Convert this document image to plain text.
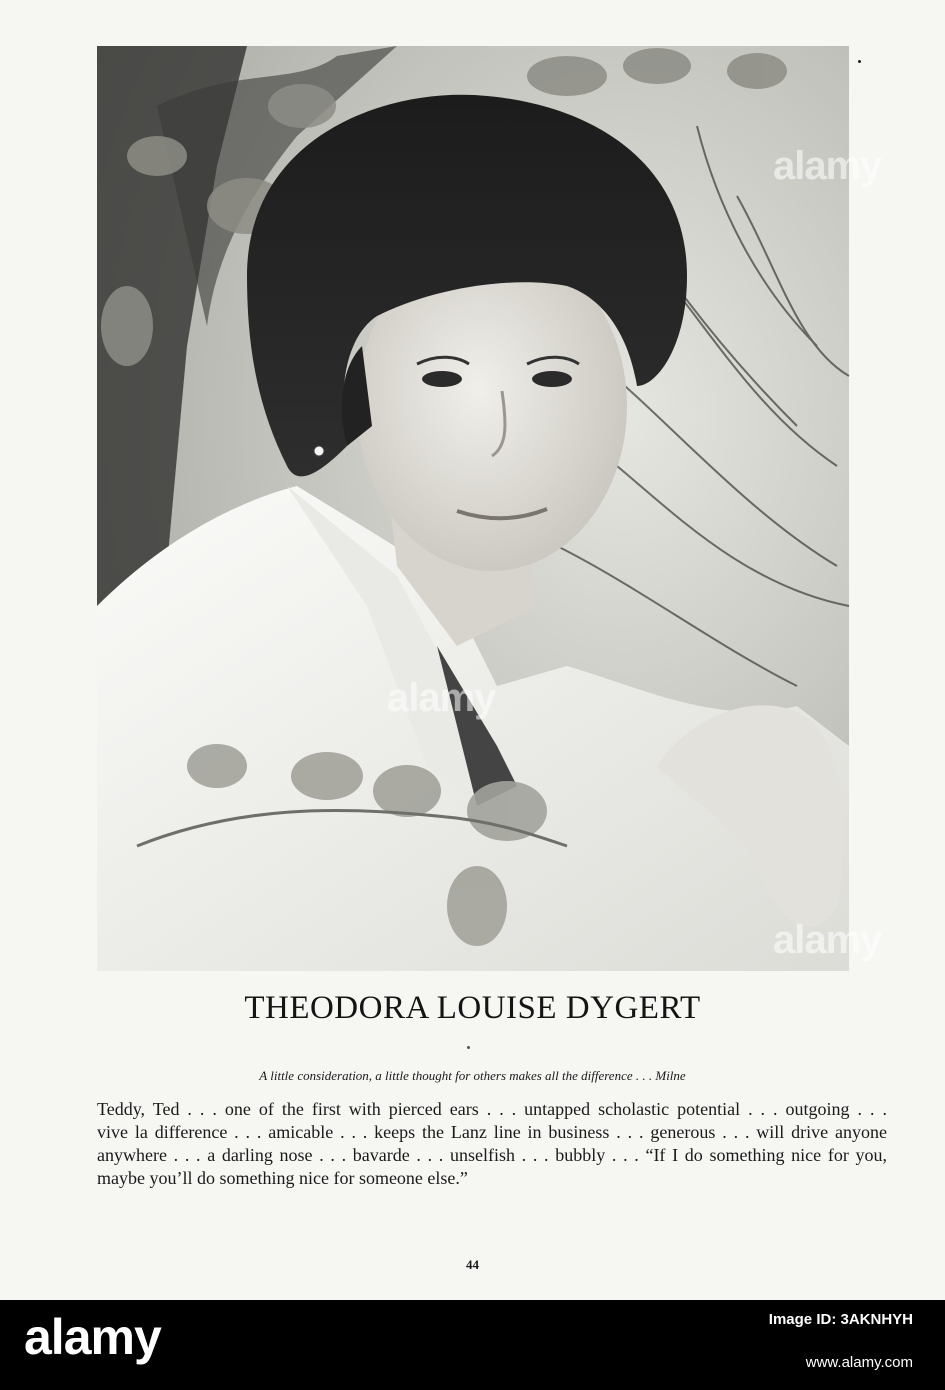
alamy
alamy
alamy
THEODORA LOUISE DYGERT
A little consideration, a little thought for others makes all the difference . . . Milne
Teddy, Ted . . . one of the first with pierced ears . . . untapped scholastic potential . . . outgoing . . .
vive la difference . . . amicable . . . keeps the Lanz line in business . . . generous . . . will drive anyone
anywhere . . . a darling nose . . . bavarde . . . unselfish . . . bubbly . . . “If I do something nice for you,
maybe you’ll do something nice for someone else.”
44
alamy	Image ID: 3AKNHYH
www.alamy.com
